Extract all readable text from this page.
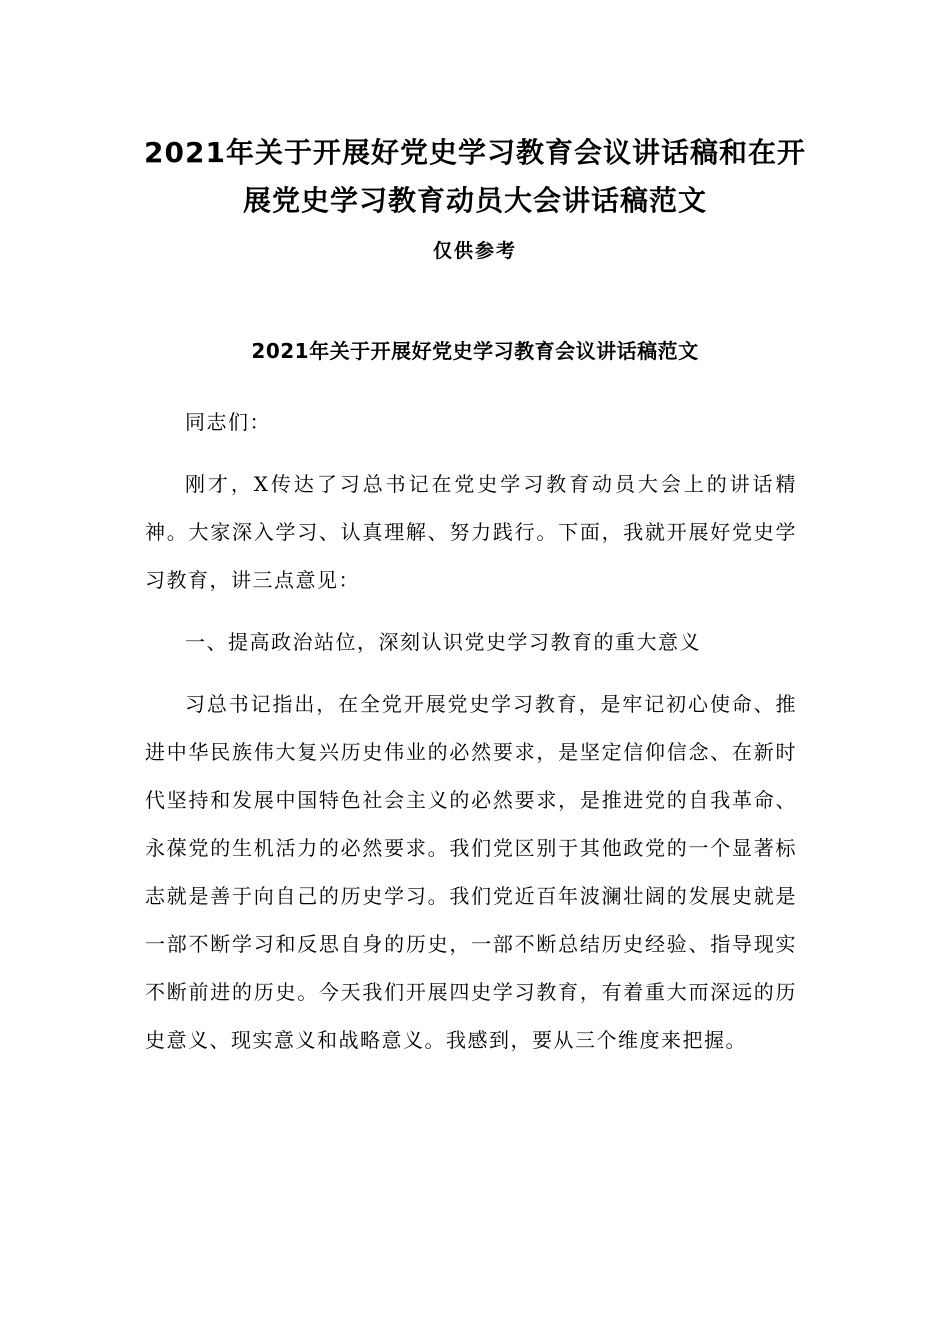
2021年关于开展好党史学习教育会议讲话稿和在开
展党史学习教育动员大会讲话稿范文
仅供参考
2021年关于开展好党史学习教育会议讲话稿范文

同志们：

刚才，X传达了习总书记在党史学习教育动员大会上的讲话精神。大家深入学习、认真理解、努力践行。下面，我就开展好党史学习教育，讲三点意见：

一、提高政治站位，深刻认识党史学习教育的重大意义

习总书记指出，在全党开展党史学习教育，是牢记初心使命、推进中华民族伟大复兴历史伟业的必然要求，是坚定信仰信念、在新时代坚持和发展中国特色社会主义的必然要求，是推进党的自我革命、永葆党的生机活力的必然要求。我们党区别于其他政党的一个显著标志就是善于向自己的历史学习。我们党近百年波澜壮阔的发展史就是一部不断学习和反思自身的历史，一部不断总结历史经验、指导现实不断前进的历史。今天我们开展四史学习教育，有着重大而深远的历史意义、现实意义和战略意义。我感到，要从三个维度来把握。
